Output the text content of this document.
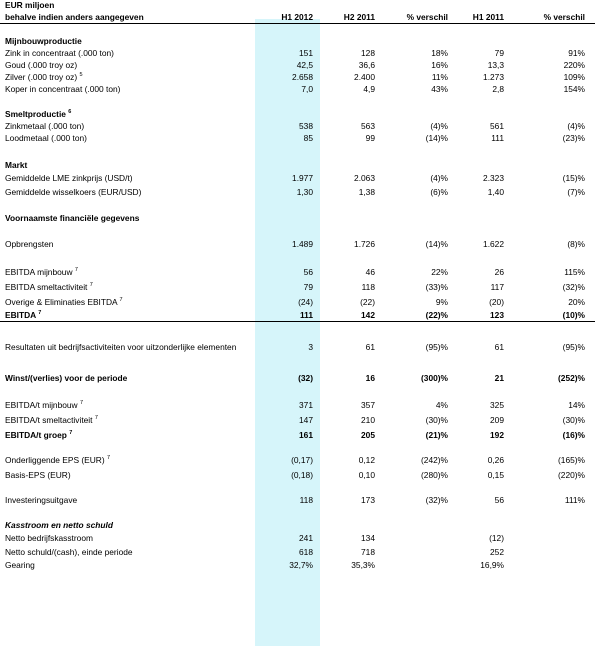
EUR miljoen					
behalve indien anders aangegeven	H1 2012	H2 2011	% verschil	H1 2011	% verschil

Mijnbouwproductie					
Zink in concentraat (.000 ton)	151	128	18%	79	91%
Goud (.000 troy oz)	42,5	36,6	16%	13,3	220%
Zilver (.000 troy oz) $^5$	2.658	2.400	11%	1.273	109%
Koper in concentraat (.000 ton)	7,0	4,9	43%	2,8	154%

Smeltproductie $^6$					
Zinkmetaal (.000 ton)	538	563	(4)%	561	(4)%
Loodmetaal (.000 ton)	85	99	(14)%	111	(23)%

Markt					
Gemiddelde LME zinkprijs (USD/t)	1.977	2.063	(4)%	2.323	(15)%
Gemiddelde wisselkoers (EUR/USD)	1,30	1,38	(6)%	1,40	(7)%

Voornaamste financiële gegevens					

Opbrengsten	1.489	1.726	(14)%	1.622	(8)%

EBITDA mijnbouw $^7$	56	46	22%	26	115%
EBITDA smeltactiviteit $^7$	79	118	(33)%	117	(32)%
Overige & Eliminaties EBITDA $^7$	(24)	(22)	9%	(20)	20%
EBITDA $^7$	111	142	(22)%	123	(10)%

Resultaten uit bedrijfsactiviteiten voor uitzonderlijke elementen	3	61	(95)%	61	(95)%

Winst/(verlies) voor de periode	(32)	16	(300)%	21	(252)%

EBITDA/t mijnbouw $^7$	371	357	4%	325	14%
EBITDA/t smeltactiviteit $^7$	147	210	(30)%	209	(30)%
EBITDA/t groep $^7$	161	205	(21)%	192	(16)%

Onderliggende EPS (EUR) $^7$	(0,17)	0,12	(242)%	0,26	(165)%
Basis-EPS (EUR)	(0,18)	0,10	(280)%	0,15	(220)%

Investeringsuitgave	118	173	(32)%	56	111%

Kasstroom en netto schuld					
Netto bedrijfskasstroom	241	134		(12)	
Netto schuld/(cash), einde periode	618	718		252	
Gearing	32,7%	35,3%		16,9%	
